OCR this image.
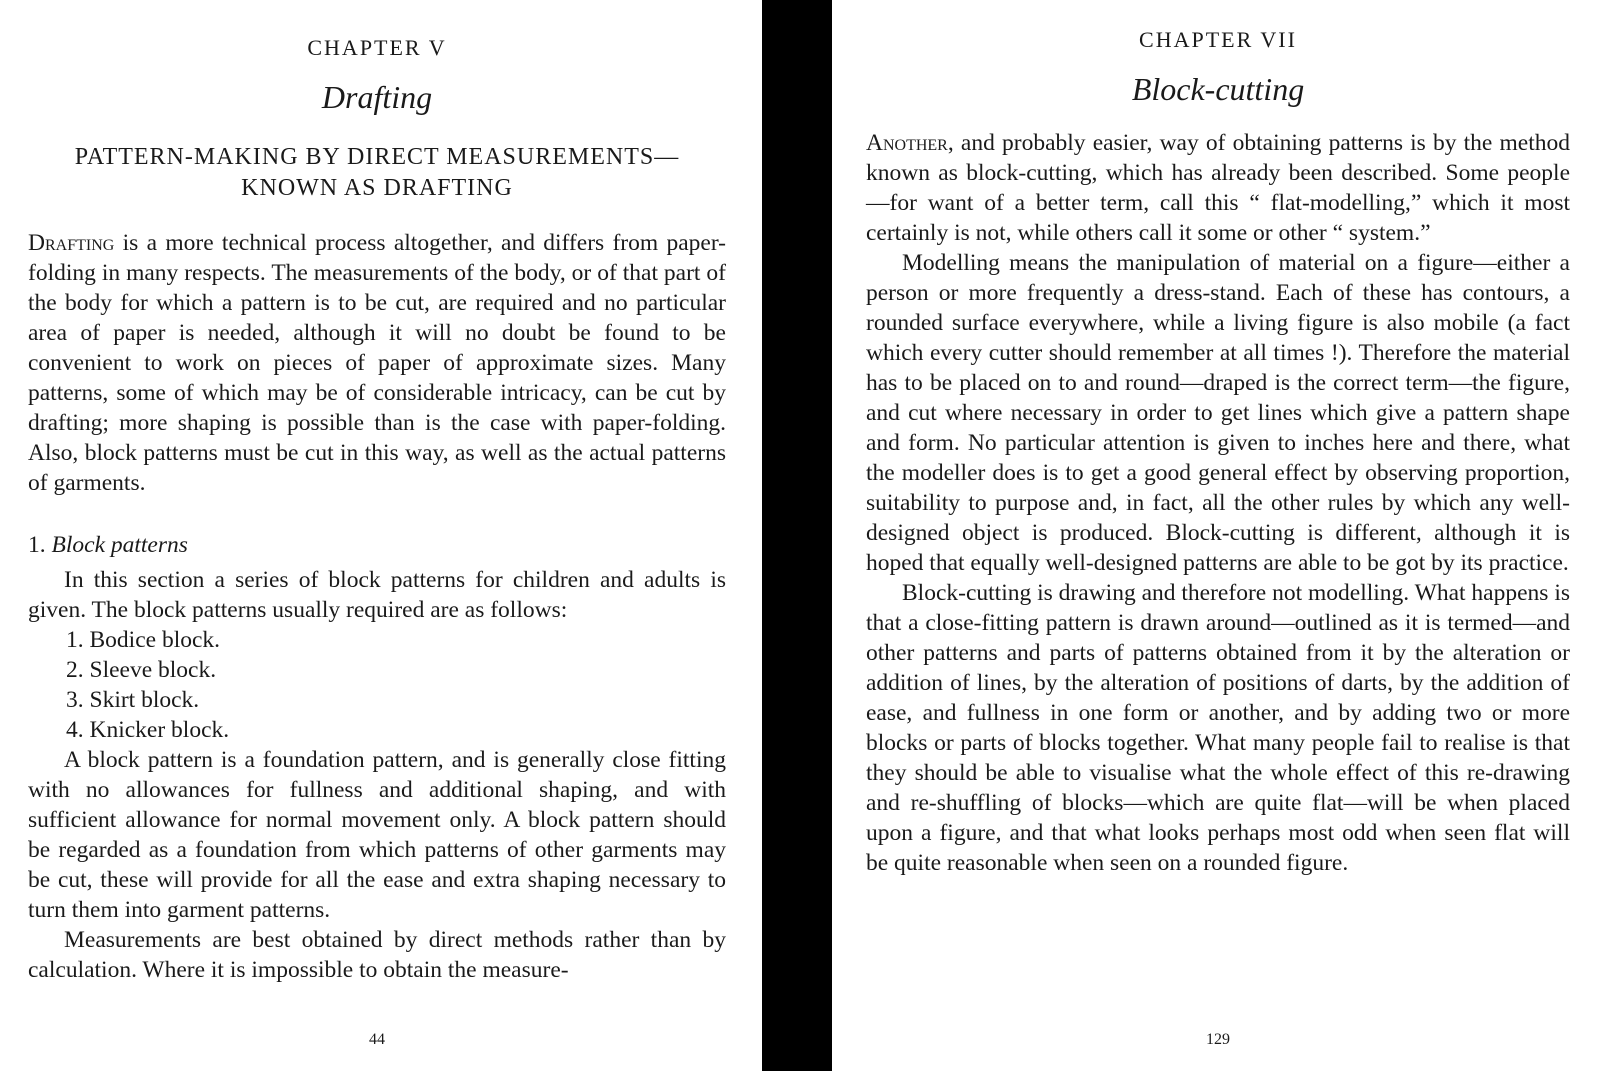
CHAPTER V

Drafting

PATTERN-MAKING BY DIRECT MEASUREMENTS—
KNOWN AS DRAFTING

Drafting is a more technical process altogether, and differs from paper-folding in many respects. The measurements of the body, or of that part of the body for which a pattern is to be cut, are required and no particular area of paper is needed, although it will no doubt be found to be convenient to work on pieces of paper of approximate sizes. Many patterns, some of which may be of considerable intricacy, can be cut by drafting; more shaping is possible than is the case with paper-folding. Also, block patterns must be cut in this way, as well as the actual patterns of garments.

1. Block patterns

In this section a series of block patterns for children and adults is given. The block patterns usually required are as follows:

1. Bodice block.
2. Sleeve block.
3. Skirt block.
4. Knicker block.

A block pattern is a foundation pattern, and is generally close fitting with no allowances for fullness and additional shaping, and with sufficient allowance for normal movement only. A block pattern should be regarded as a foundation from which patterns of other garments may be cut, these will provide for all the ease and extra shaping necessary to turn them into garment patterns.

Measurements are best obtained by direct methods rather than by calculation. Where it is impossible to obtain the measure-

44

CHAPTER VII

Block-cutting

Another, and probably easier, way of obtaining patterns is by the method known as block-cutting, which has already been described. Some people—for want of a better term, call this “ flat-modelling,” which it most certainly is not, while others call it some or other “ system.”

Modelling means the manipulation of material on a figure—either a person or more frequently a dress-stand. Each of these has contours, a rounded surface everywhere, while a living figure is also mobile (a fact which every cutter should remember at all times !). Therefore the material has to be placed on to and round—draped is the correct term—the figure, and cut where necessary in order to get lines which give a pattern shape and form. No particular attention is given to inches here and there, what the modeller does is to get a good general effect by observing proportion, suitability to purpose and, in fact, all the other rules by which any well-designed object is produced. Block-cutting is different, although it is hoped that equally well-designed patterns are able to be got by its practice.

Block-cutting is drawing and therefore not modelling. What happens is that a close-fitting pattern is drawn around—outlined as it is termed—and other patterns and parts of patterns obtained from it by the alteration or addition of lines, by the alteration of positions of darts, by the addition of ease, and fullness in one form or another, and by adding two or more blocks or parts of blocks together. What many people fail to realise is that they should be able to visualise what the whole effect of this re-drawing and re-shuffling of blocks—which are quite flat—will be when placed upon a figure, and that what looks perhaps most odd when seen flat will be quite reasonable when seen on a rounded figure.

129
